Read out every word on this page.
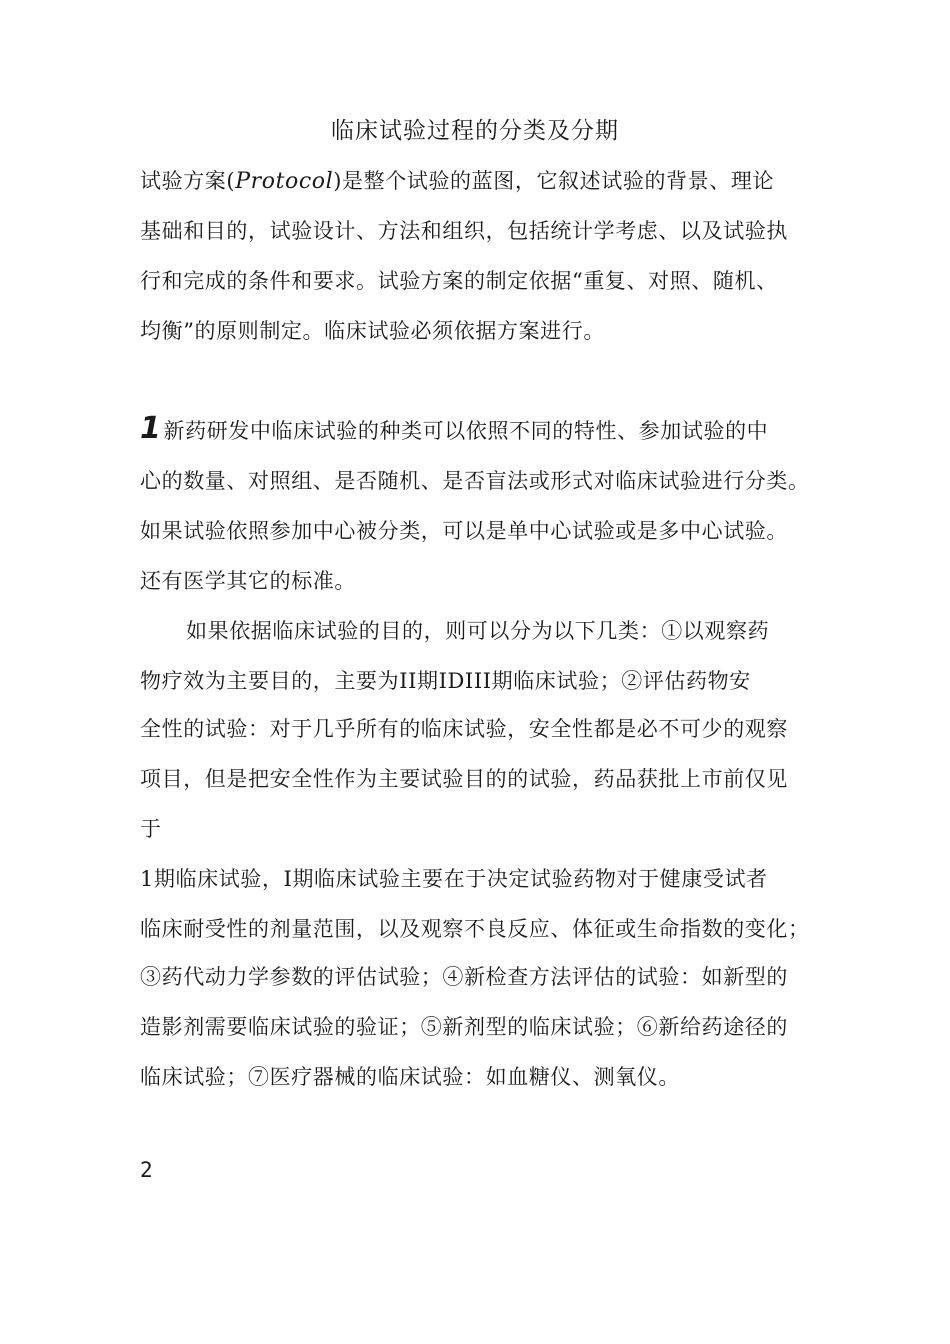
临床试验过程的分类及分期
试验方案(Protocol)是整个试验的蓝图，它叙述试验的背景、理论
基础和目的，试验设计、方法和组织，包括统计学考虑、以及试验执
行和完成的条件和要求。试验方案的制定依据“重复、对照、随机、
均衡”的原则制定。临床试验必须依据方案进行。
1新药研发中临床试验的种类可以依照不同的特性、参加试验的中
心的数量、对照组、是否随机、是否盲法或形式对临床试验进行分类。
如果试验依照参加中心被分类，可以是单中心试验或是多中心试验。
还有医学其它的标准。
如果依据临床试验的目的，则可以分为以下几类：①以观察药
物疗效为主要目的，主要为II期IDIII期临床试验；②评估药物安
全性的试验：对于几乎所有的临床试验，安全性都是必不可少的观察
项目，但是把安全性作为主要试验目的的试验，药品获批上市前仅见
于
1期临床试验，I期临床试验主要在于决定试验药物对于健康受试者
临床耐受性的剂量范围，以及观察不良反应、体征或生命指数的变化；
③药代动力学参数的评估试验；④新检查方法评估的试验：如新型的
造影剂需要临床试验的验证；⑤新剂型的临床试验；⑥新给药途径的
临床试验；⑦医疗器械的临床试验：如血糖仪、测氧仪。
2
